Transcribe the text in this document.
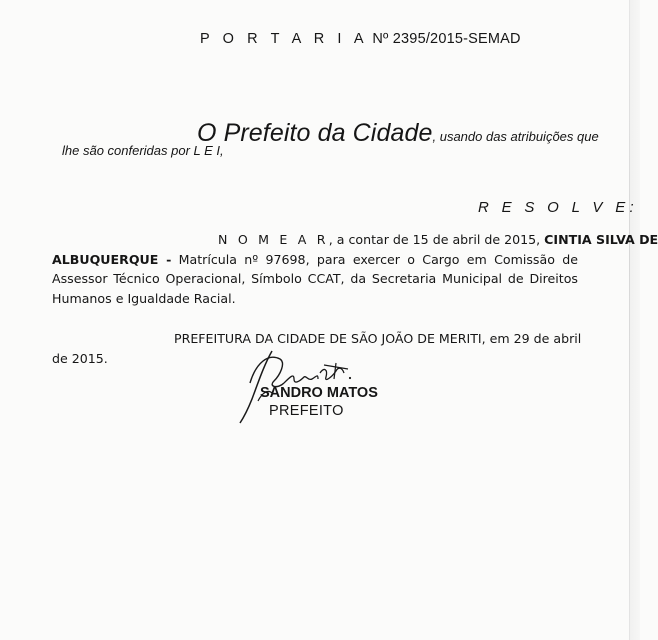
P O R T A R I A Nº 2395/2015-SEMAD
O Prefeito da Cidade, usando das atribuições que
lhe são conferidas por L E I,
R E S O L V E:
N O M E A R, a contar de 15 de abril de 2015, CINTIA SILVA DE
ALBUQUERQUE - Matrícula nº 97698, para exercer o Cargo em Comissão de
Assessor Técnico Operacional, Símbolo CCAT, da Secretaria Municipal de Direitos
Humanos e Igualdade Racial.
PREFEITURA DA CIDADE DE SÃO JOÃO DE MERITI, em 29 de abril
de 2015.
SANDRO MATOS
PREFEITO
